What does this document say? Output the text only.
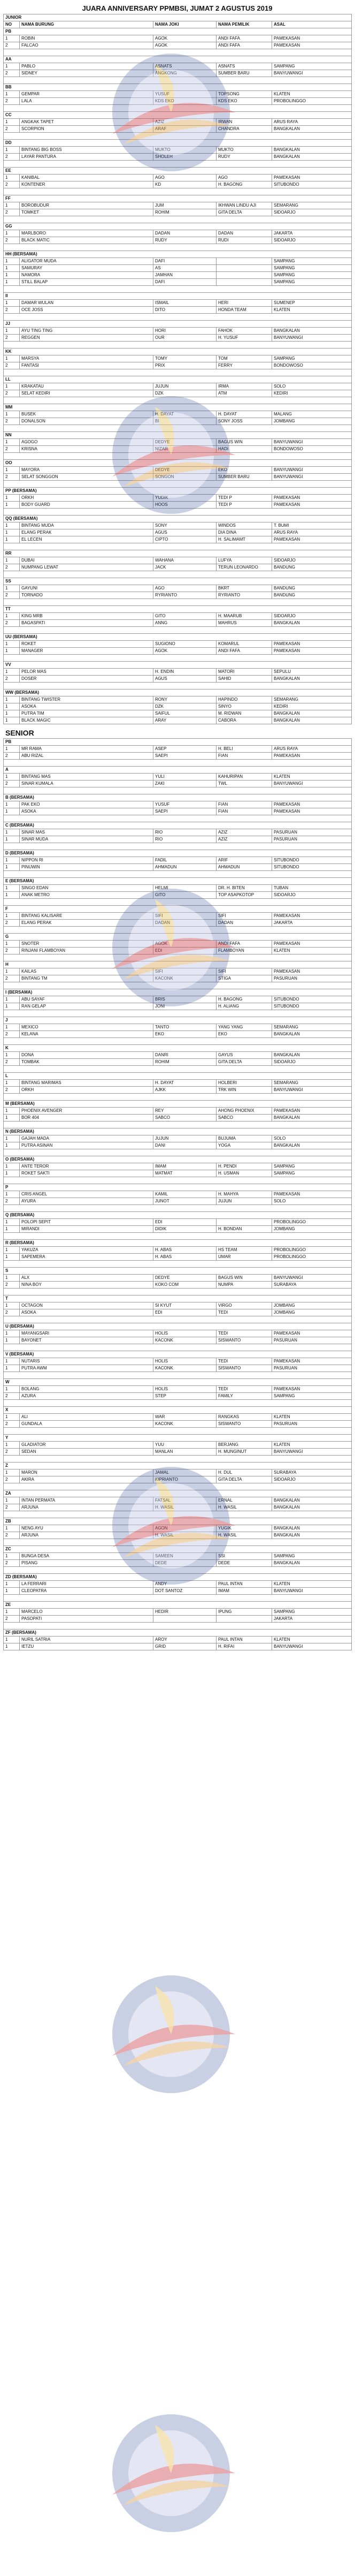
JUARA ANNIVERSARY PPMBSI, JUMAT 2 AGUSTUS 2019
JUNIOR				
NO	NAMA BURUNG	NAMA JOKI	NAMA PEMILIK	ASAL
PB				
1	ROBIN	AGOK	ANDI FAFA	PAMEKASAN
2	FALCAO	AGOK	ANDI FAFA	PAMEKASAN

AA				
1	PABLO	ASNATS	ASNATS	SAMPANG
2	SIDNEY	ANGKONG	SUMBER BARU	BANYUWANGI

BB				
1	GEMPAR	YUSUF	TOPSONG	KLATEN
2	LALA	KDS EKO	KDS EKO	PROBOLINGGO

CC				
1	ANGKAK TAPET	AZIZ	IRWAN	ARUS RAYA
2	SCORPION	ARAF	CHANDRA	BANGKALAN

DD				
1	BINTANG BIG BOSS	MUKTO	MUKTO	BANGKALAN
2	LAYAR PANTURA	SHOLEH	RUDY	BANGKALAN

EE				
1	KANIBAL	AGO	AGO	PAMEKASAN
2	KONTENER	KD	H. BAGONG	SITUBONDO

FF				
1	BOROBUDUR	JUM	IKHWAN LINDU AJI	SEMARANG
2	TOMKET	ROHIM	GITA DELTA	SIDOARJO

GG				
1	MARLBORO	DADAN	DADAN	JAKARTA
2	BLACK MATIC	RUDY	RUDI	SIDOARJO

HH (BERSAMA)				
1	ALIGATOR MUDA	DAFI		SAMPANG
1	SAMURAY	AS		SAMPANG
1	NAMORA	JAMHAN		SAMPANG
1	STILL BALAP	DAFI		SAMPANG

II				
1	DAMAR WULAN	ISMAIL	HERI	SUMENEP
2	OCE JOSS	DITO	HONDA TEAM	KLATEN

JJ				
1	AYU TING TING	HORI	FAHOK	BANGKALAN
2	REGGEN	OUR	H. YUSUF	BANYUWANGI

KK				
1	MARSYA	TOMY	TOM	SAMPANG
2	FANTASI	PRIX	FERRY	BONDOWOSO

LL				
1	KRAKATAU	JUJUN	IRMA	SOLO
2	SELAT KEDIRI	DZK	ATM	KEDIRI

MM				
1	BUSEK	H. DAYAT	H. DAYAT	MALANG
2	DONALSON	BI	SONY JOSS	JOMBANG

NN				
1	AGOGO	DEDYE	BAGUS WIN	BANYUWANGI
2	KRISNA	NIZAR	HADI	BONDOWOSO

OO				
1	MAYORA	DEDYE	EKO	BANYUWANGI
2	SELAT SONGGON	SONGON	SUMBER BARU	BANYUWANGI

PP (BERSAMA)				
1	ORKH	YUDIK	TEDI P	PAMEKASAN
1	BODY GUARD	HOOS	TEDI P	PAMEKASAN

QQ (BERSAMA)				
1	BINTANG MUDA	SONY	WINDOS	T. BUMI
1	ELANG PERAK	AGUS	DIA DINA	ARUS RAYA
1	EL LECEN	CIPTO	H. SALIMAMT	PAMEKASAN

RR				
1	DUBAI	WAHANA	LUFYA	SIDOARJO
2	NUMPANG LEWAT	JACK	TERUN LEONARDO	BANDUNG

SS				
1	GAYUNI	AGO	BKRT	BANDUNG
2	TORNADO	RYRIANTO	RYRIANTO	BANDUNG

TT				
1	KING MRB	GITO	H. MAARUB	SIDOARJO
2	BAGASPATI	ANNG	MAHRUS	BANGKALAN

UU (BERSAMA)				
1	ROKET	SUGIONO	KOMARUL	PAMEKASAN
1	MANAGER	AGOK	ANDI FAFA	PAMEKASAN

VV				
1	PELOR MAS	H. ENDIN	MATORI	SEPULU
2	DOSER	AGUS	SAHID	BANGKALAN

WW (BERSAMA)				
1	BINTANG TWISTER	RONY	HAPINDO	SEMARANG
1	ASOKA	DZK	SINYO	KEDIRI
1	PUTRA TIM	SAIFUL	M. RIDWAN	BANGKALAN
1	BLACK MAGIC	ARAY	CABORA	BANGKALAN
SENIOR
PB				
1	MR RAMA	ASEP	H. BELI	ARUS RAYA
2	ABU RIZAL	SAEPI	FIAN	PAMEKASAN

A				
1	BINTANG MAS	YULI	KAHURIPAN	KLATEN
2	SINAR KUMALA	ZAKI	TWL	BANYUWANGI

B (BERSAMA)				
1	PAK EKO	YUSUF	FIAN	PAMEKASAN
1	ASOKA	SAEPI	FIAN	PAMEKASAN

C (BERSAMA)				
1	SINAR MAS	RIO	AZIZ	PASURUAN
1	SINAR MUDA	RIO	AZIZ	PASURUAN

D (BERSAMA)				
1	NIPPON RI	FADIL	ARIF	SITUBONDO
1	PINUWIN	AHMADUN	AHMADUN	SITUBONDO

E (BERSAMA)				
1	SINGO EDAN	HELMI	DR. H. BITEN	TUBAN
1	ANAK METRO	GITO	TOP ASAPKOTOP	SIDOARJO

F				
1	BINTANG KALISARE	SIFI	SIFI	PAMEKASAN
2	ELANG PERAK	DADAN	DADAN	JAKARTA

G				
1	SNOTER	AGOK	ANDI FAFA	PAMEKASAN
2	RINJANI FLAMBOYAN	EDI	FLAMBOYAN	KLATEN

H				
1	KAILAS	SIFI	SIFI	PAMEKASAN
2	BINTANG TM	KACONK	STIGA	PASURUAN

I (BERSAMA)				
1	ABU SAYAF	BRIS	H. BAGONG	SITUBONDO
1	RAN GELAP	JONI	H. ALIANG	SITUBONDO

J				
1	MEXICO	TANTO	YANG YANG	SEMARANG
2	KELANA	EKO	EKO	BANGKALAN

K				
1	DONA	DANRI	GAYUS	BANGKALAN
2	TOMBAK	ROHIM	GITA DELTA	SIDOARJO

L				
1	BINTANG MARIMAS	H. DAYAT	HOLBERI	SEMARANG
2	ORKH	AJKK	TRK WIN	BANYUWANGI

M (BERSAMA)				
1	PHOENIX AVENGER	REY	AHONG PHOENIX	PAMEKASAN
1	BOR 404	SABCO	SABCO	BANGKALAN

N (BERSAMA)				
1	GAJAH MADA	JUJUN	BUJUMA	SOLO
1	PUTRA ASINAN	DANI	YOGA	BANGKALAN

O (BERSAMA)				
1	ANTE TEROR	IMAM	H. PENDI	SAMPANG
1	ROKET SAKTI	MATMAT	H. USMAN	SAMPANG

P				
1	CRIS ANGEL	KAMIL	H. MAHYA	PAMEKASAN
2	AYURA	JUNOT	JUJUN	SOLO

Q (BERSAMA)				
1	POLOPI SEPIT	EDI		PROBOLINGGO
1	MIRANDI	DIDIK	H. BONDAN	JOMBANG

R (BERSAMA)				
1	YAKUZA	H. ABAS	HS TEAM	PROBOLINGGO
1	SAPEMERA	H. ABAS	UMAR	PROBOLINGGO

S				
1	ALX	DEDYE	BAGUS WIN	BANYUWANGI
2	NINA BOY	KOKO COM	NUMPA	SURABAYA

T				
1	OCTAGON	SI KYUT	VIRGO	JOMBANG
2	ASOKA	EDI	TEDI	JOMBANG

U (BERSAMA)				
1	MAYANGSARI	HOLIS	TEDI	PAMEKASAN
1	BAYONET	KACONK	SISWANTO	PASURUAN

V (BERSAMA)				
1	NUTARIS	HOLIS	TEDI	PAMEKASAN
1	PUTRA AWM	KACONK	SISWANTO	PASURUAN

W				
1	BOLANG	HOLIS	TEDI	PAMEKASAN
2	AZURA	STEP	FAMILY	SAMPANG

X				
1	ALI	WAR	RANGKAS	KLATEN
2	GUNDALA	KACONK	SISWANTO	PASURUAN

Y				
1	GLADIATOR	YUU	BERJANG	KLATEN
2	SEDAN	MANLAN	H. MUNGINUT	BANYUWANGI

Z				
1	MARON	JAMAL	H. DUL	SURABAYA
2	AKIRA	KIPRIANTO	GITA DELTA	SIDOARJO

ZA				
1	INTAN PERMATA	FATSAL	ERNAL	BANGKALAN
2	ARJUNA	H. WASIL	H. WASIL	BANGKALAN

ZB				
1	NENG AYU	AGON	YUGIK	BANGKALAN
2	ARJUNA	H. WASIL	H. WASIL	BANGKALAN

ZC				
1	BUNGA DESA	SAMEEN	SSI	SAMPANG
2	PISANG	DEDE	DEDE	BANGKALAN

ZD (BERSAMA)				
1	LA FERRARI	ANDY	PAUL INTAN	KLATEN
1	CLEOPATRA	DOT SANTOZ	IMAM	BANYUWANGI

ZE				
1	MARCELO	HEDIR	IPUNG	SAMPANG
2	PASOPATI			JAKARTA

ZF (BERSAMA)				
1	NURIL SATRIA	AROY	PAUL INTAN	KLATEN
1	IETZU	GRID	H. RIFAI	BANYUWANGI
